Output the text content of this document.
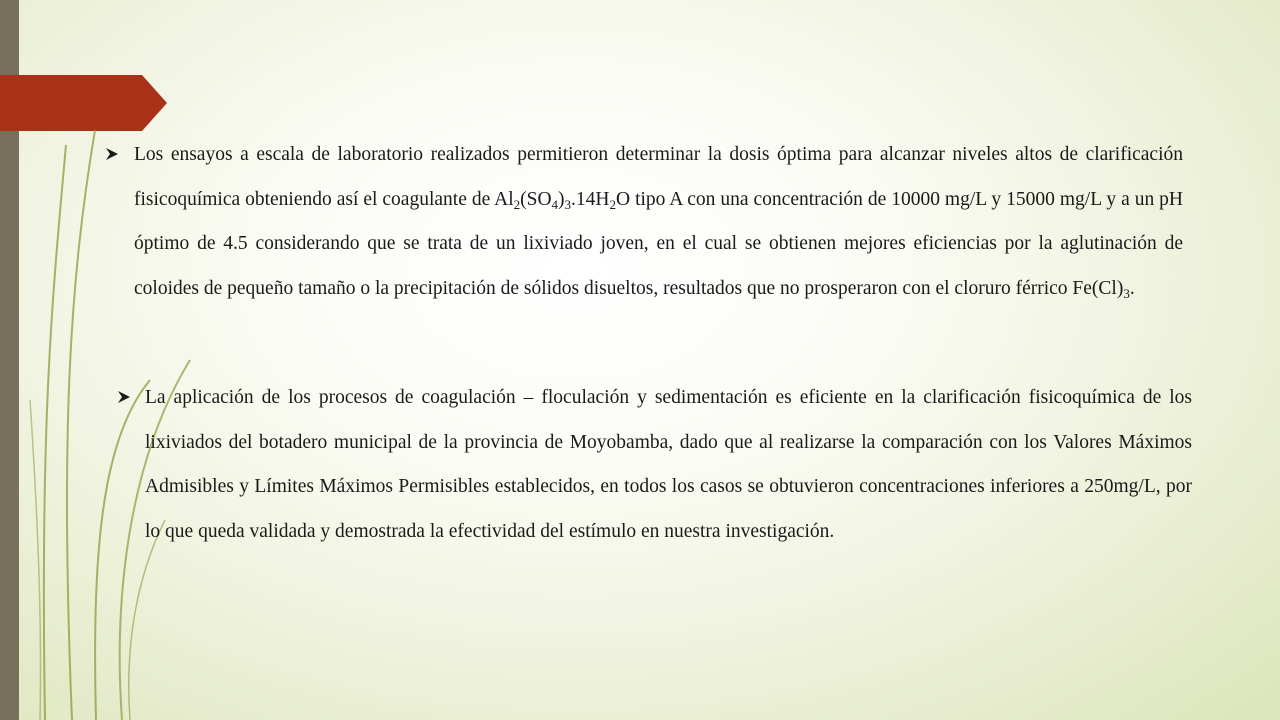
Los ensayos a escala de laboratorio realizados permitieron determinar la dosis óptima para alcanzar niveles altos de clarificación fisicoquímica obteniendo así el coagulante de $Al_2(SO_4)_3.14H_2O$ tipo A con una concentración de 10000 mg/L y 15000 mg/L y a un pH óptimo de 4.5 considerando que se trata de un lixiviado joven, en el cual se obtienen mejores eficiencias por la aglutinación de coloides de pequeño tamaño o la precipitación de sólidos disueltos, resultados que no prosperaron con el cloruro férrico $Fe(Cl)_3$.

La aplicación de los procesos de coagulación – floculación y sedimentación es eficiente en la clarificación fisicoquímica de los lixiviados del botadero municipal de la provincia de Moyobamba, dado que al realizarse la comparación con los Valores Máximos Admisibles y Límites Máximos Permisibles establecidos, en todos los casos se obtuvieron concentraciones inferiores a 250mg/L, por lo que queda validada y demostrada la efectividad del estímulo en nuestra investigación.
